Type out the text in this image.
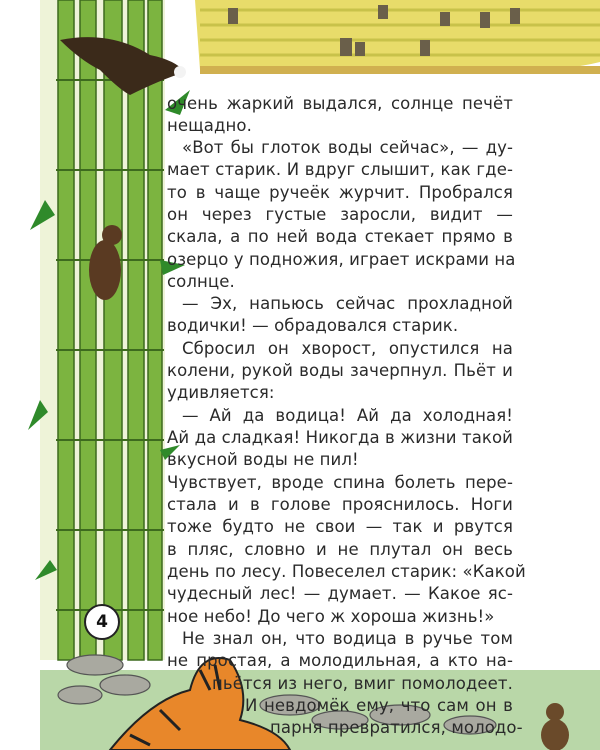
4
очень жаркий выдался, солнце печёт
нещадно.
«Вот бы глоток воды сейчас», — ду-
мает старик. И вдруг слышит, как где-
то в чаще ручеёк журчит. Пробрался
он через густые заросли, видит —
скала, а по ней вода стекает прямо в
озерцо у подножия, играет искрами на
солнце.
— Эх, напьюсь сейчас прохладной
водички! — обрадовался старик.
Сбросил он хворост, опустился на
колени, рукой воды зачерпнул. Пьёт и
удивляется:
— Ай да водица! Ай да холодная!
Ай да сладкая! Никогда в жизни такой
вкусной воды не пил!
Чувствует, вроде спина болеть пере-
стала и в голове прояснилось. Ноги
тоже будто не свои — так и рвутся
в пляс, словно и не плутал он весь
день по лесу. Повеселел старик: «Какой
чудесный лес! — думает. — Какое яс-
ное небо! До чего ж хороша жизнь!»
Не знал он, что водица в ручье том
не простая, а молодильная, а кто на-
пьётся из него, вмиг помолодеет.
И невдомёк ему, что сам он в
парня превратился, молодо-
